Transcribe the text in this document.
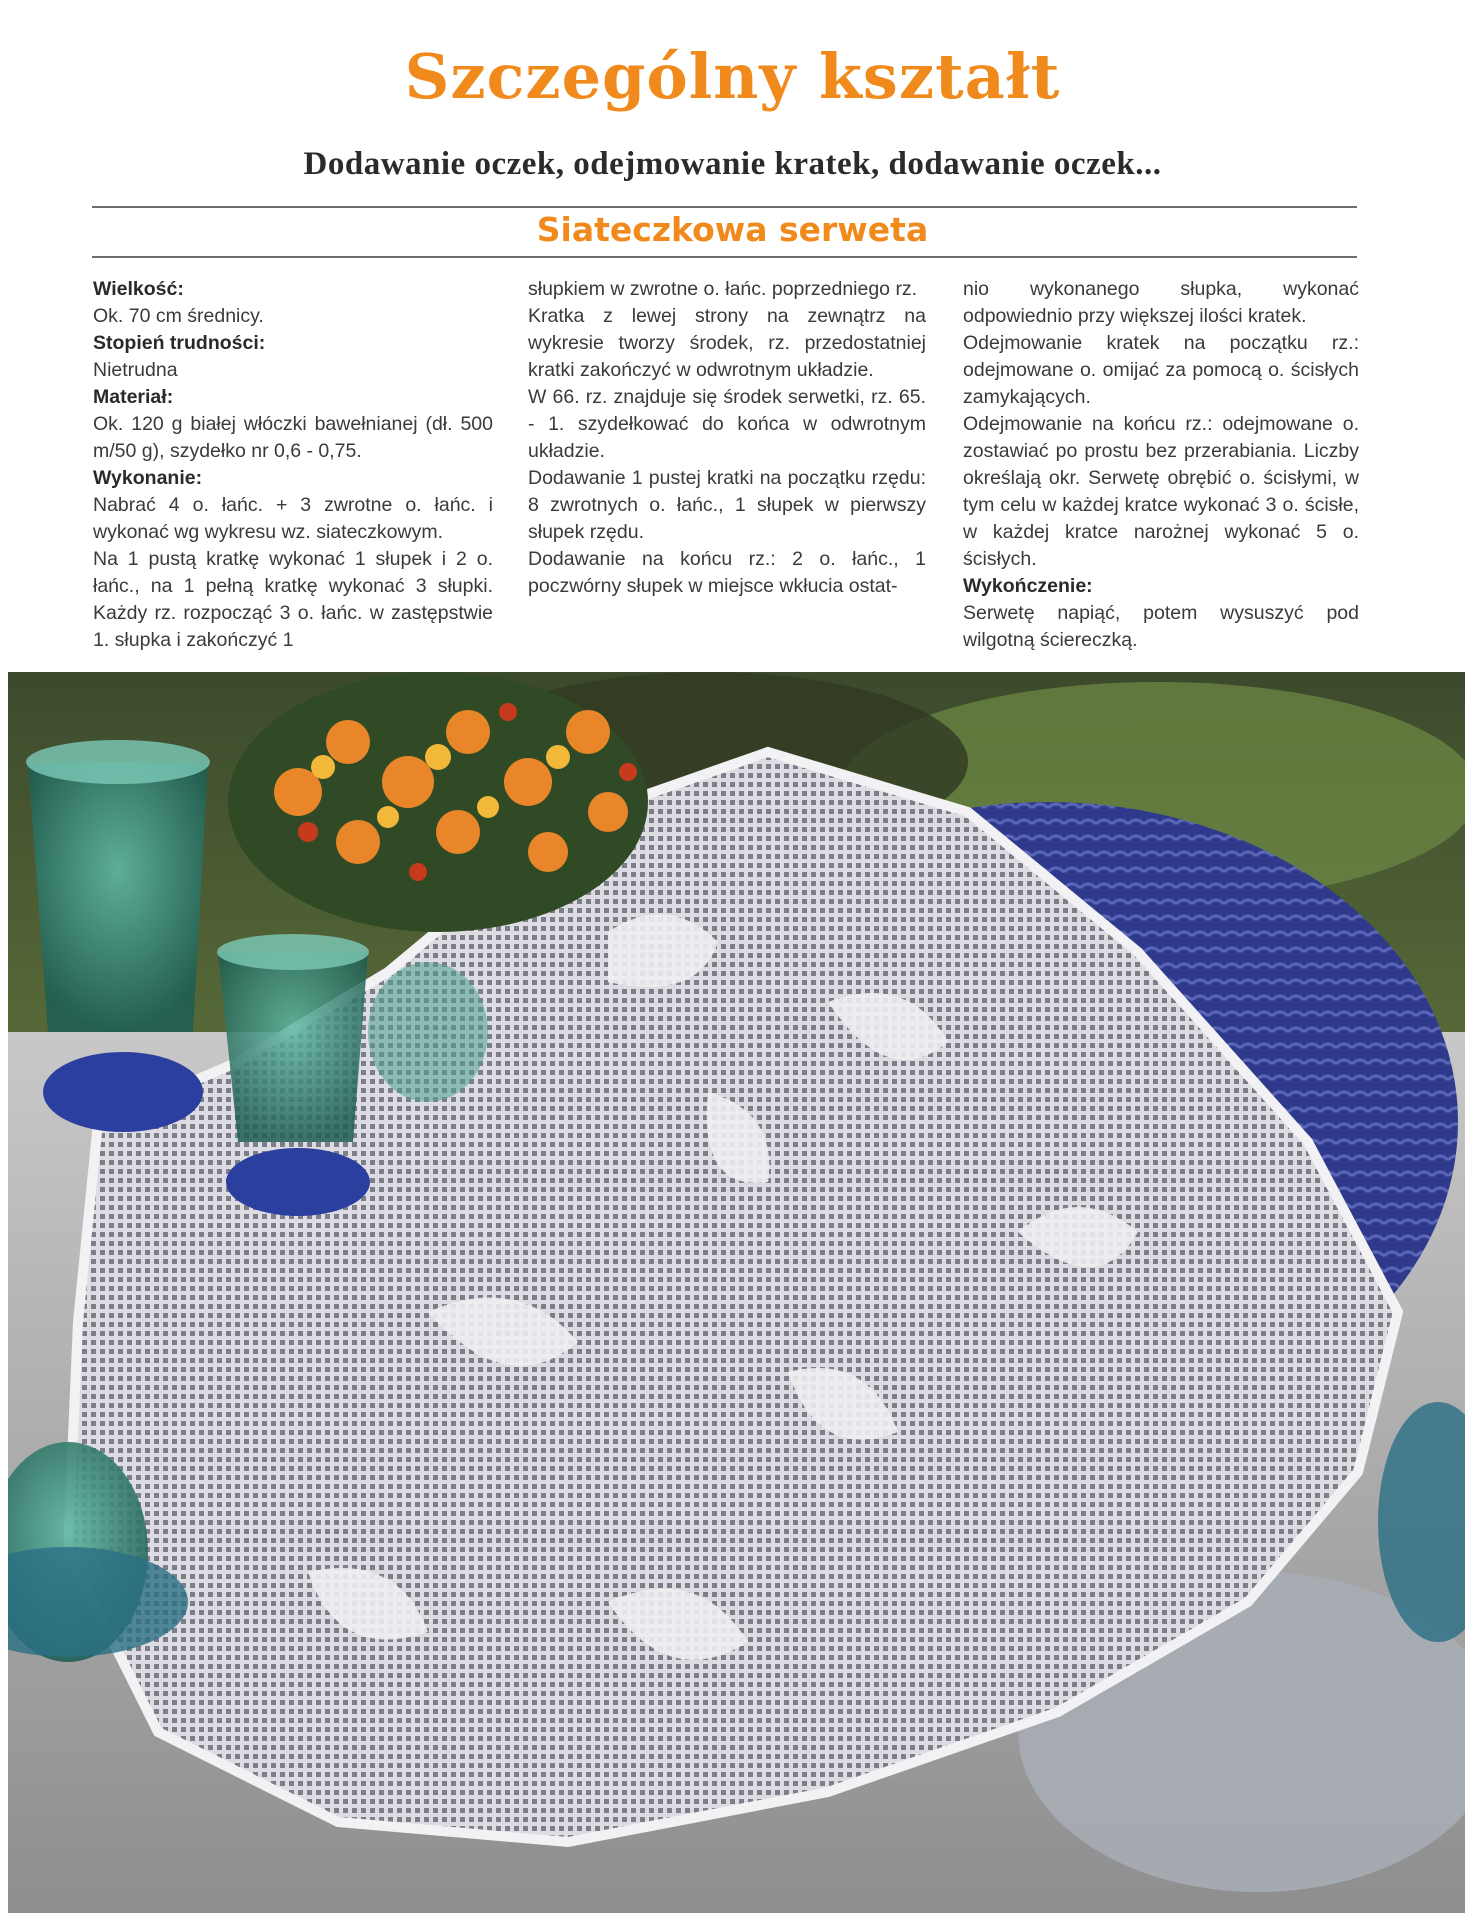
Szczególny kształt
Dodawanie oczek, odejmowanie kratek, dodawanie oczek...
Siateczkowa serweta

Wielkość:

Ok. 70 cm średnicy.

Stopień trudności:

Nietrudna

Materiał:

Ok. 120 g białej włóczki bawełnianej (dł. 500 m/50 g), szydełko nr 0,6 - 0,75.

Wykonanie:

Nabrać 4 o. łańc. + 3 zwrotne o. łańc. i wykonać wg wykresu wz. siateczkowym.

Na 1 pustą kratkę wykonać 1 słupek i 2 o. łańc., na 1 pełną kratkę wykonać 3 słupki. Każdy rz. rozpocząć 3 o. łańc. w zastępstwie 1. słupka i zakończyć 1

słupkiem w zwrotne o. łańc. poprzedniego rz.

Kratka z lewej strony na zewnątrz na wykresie tworzy środek, rz. przedostatniej kratki zakończyć w odwrotnym układzie.

W 66. rz. znajduje się środek serwetki, rz. 65. - 1. szydełkować do końca w odwrotnym układzie.

Dodawanie 1 pustej kratki na początku rzędu: 8 zwrotnych o. łańc., 1 słupek w pierwszy słupek rzędu.

Dodawanie na końcu rz.: 2 o. łańc., 1 poczwórny słupek w miejsce wkłucia ostat-

nio wykonanego słupka, wykonać odpowiednio przy większej ilości kratek.

Odejmowanie kratek na początku rz.: odejmowane o. omijać za pomocą o. ścisłych zamykających.

Odejmowanie na końcu rz.: odejmowane o. zostawiać po prostu bez przerabiania. Liczby określają okr. Serwetę obrębić o. ścisłymi, w tym celu w każdej kratce wykonać 3 o. ścisłe, w każdej kratce narożnej wykonać 5 o. ścisłych.

Wykończenie:

Serwetę napiąć, potem wysuszyć pod wilgotną ściereczką.
